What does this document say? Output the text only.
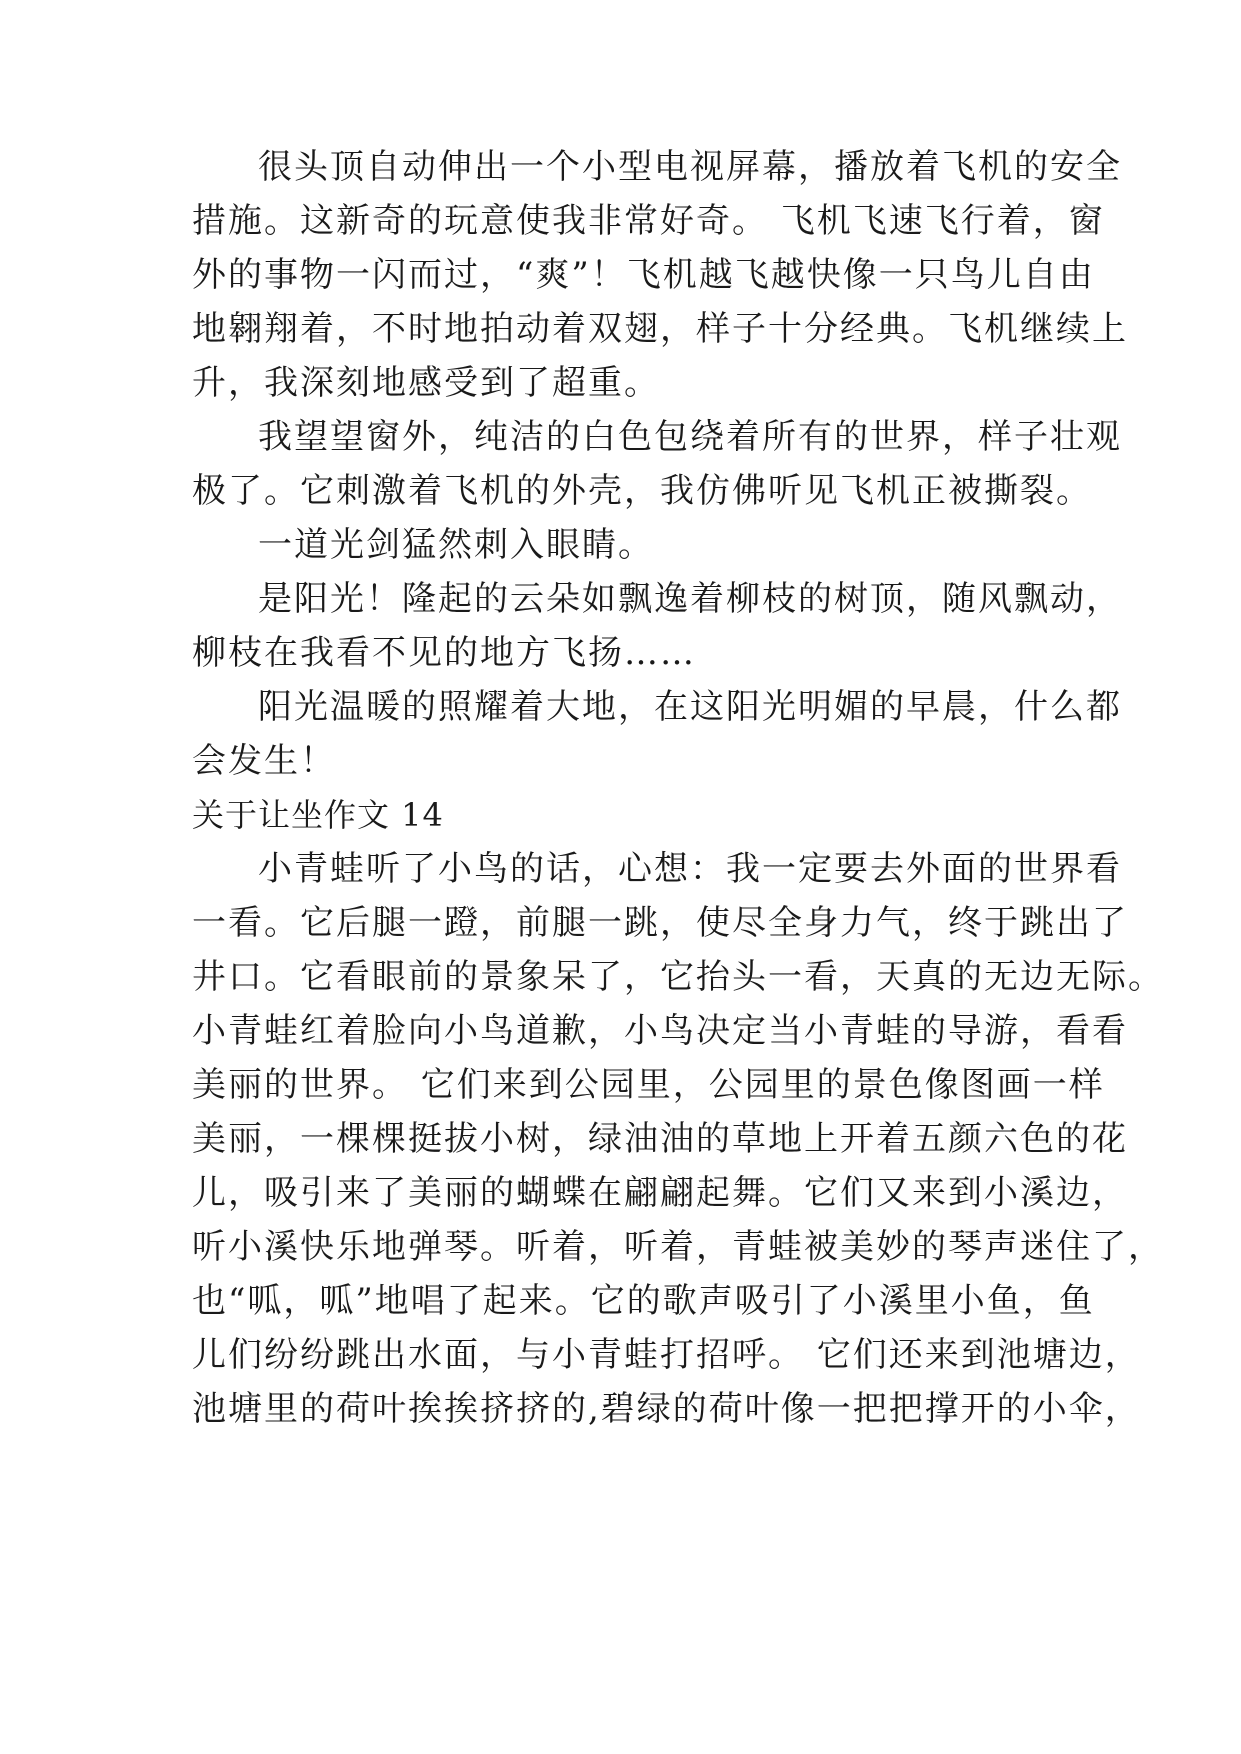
很头顶自动伸出一个小型电视屏幕，播放着飞机的安全
措施。这新奇的玩意使我非常好奇。 飞机飞速飞行着，窗
外的事物一闪而过，“爽”！飞机越飞越快像一只鸟儿自由
地翱翔着，不时地拍动着双翅，样子十分经典。飞机继续上
升，我深刻地感受到了超重。
我望望窗外，纯洁的白色包绕着所有的世界，样子壮观
极了。它刺激着飞机的外壳，我仿佛听见飞机正被撕裂。
一道光剑猛然刺入眼睛。
是阳光！隆起的云朵如飘逸着柳枝的树顶，随风飘动，
柳枝在我看不见的地方飞扬……
阳光温暖的照耀着大地，在这阳光明媚的早晨，什么都
会发生！
关于让坐作文 14
小青蛙听了小鸟的话，心想：我一定要去外面的世界看
一看。它后腿一蹬，前腿一跳，使尽全身力气，终于跳出了
井口。它看眼前的景象呆了，它抬头一看，天真的无边无际。
小青蛙红着脸向小鸟道歉，小鸟决定当小青蛙的导游，看看
美丽的世界。 它们来到公园里，公园里的景色像图画一样
美丽，一棵棵挺拔小树，绿油油的草地上开着五颜六色的花
儿，吸引来了美丽的蝴蝶在翩翩起舞。它们又来到小溪边，
听小溪快乐地弹琴。听着，听着，青蛙被美妙的琴声迷住了，
也“呱，呱”地唱了起来。它的歌声吸引了小溪里小鱼，鱼
儿们纷纷跳出水面，与小青蛙打招呼。 它们还来到池塘边，
池塘里的荷叶挨挨挤挤的,碧绿的荷叶像一把把撑开的小伞，
